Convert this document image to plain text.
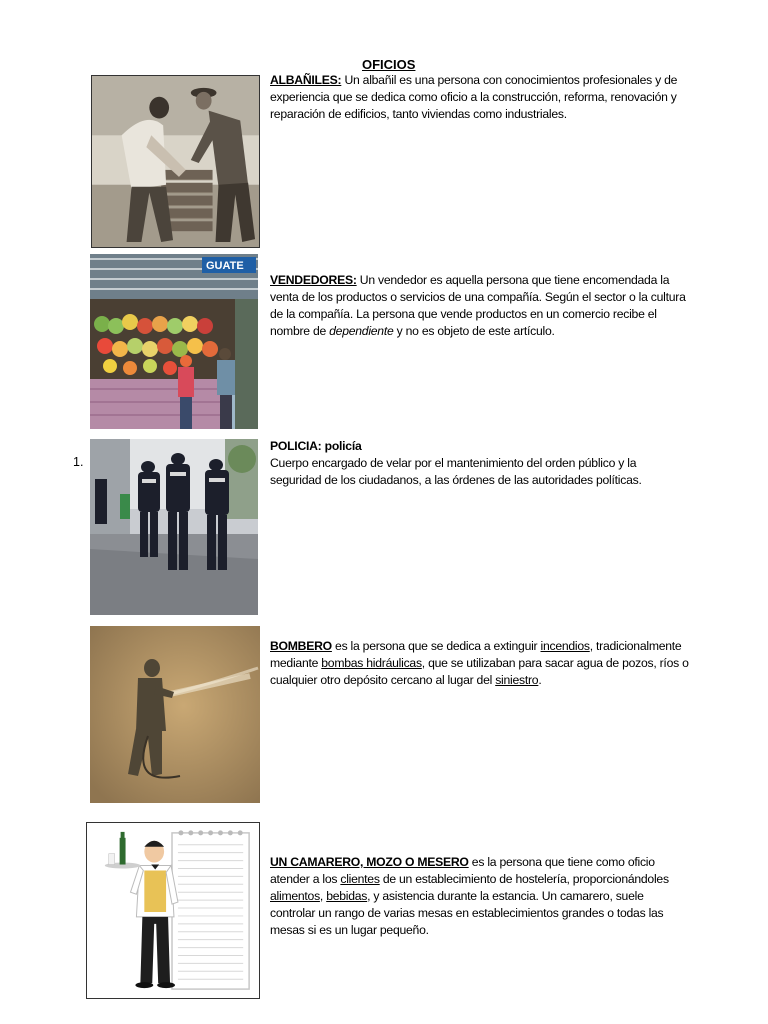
OFICIOS
ALBAÑILES: Un albañil es una persona con conocimientos profesionales y de experiencia que se dedica como oficio a la construcción, reforma, renovación y reparación de edificios, tanto viviendas como industriales.
GUATE
VENDEDORES: Un vendedor es aquella persona que tiene encomendada la venta de los productos o servicios de una compañía. Según el sector o la cultura de la compañía. La persona que vende productos en un comercio recibe el nombre de dependiente y no es objeto de este artículo.
1.
POLICIA: policía
Cuerpo encargado de velar por el mantenimiento del orden público y la seguridad de los ciudadanos, a las órdenes de las autoridades políticas.
BOMBERO es la persona que se dedica a extinguir incendios, tradicionalmente mediante bombas hidráulicas, que se utilizaban para sacar agua de pozos, ríos o cualquier otro depósito cercano al lugar del siniestro.
UN CAMARERO, MOZO O MESERO es la persona que tiene como oficio atender a los clientes de un establecimiento de hostelería, proporcionándoles alimentos, bebidas, y asistencia durante la estancia. Un camarero, suele controlar un rango de varias mesas en establecimientos grandes o todas las mesas si es un lugar pequeño.
